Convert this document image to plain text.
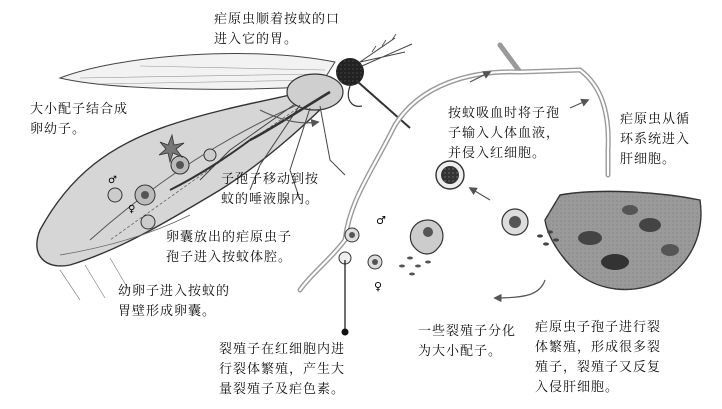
♀
♂
♂
♀
疟原虫顺着按蚊的口
进入它的胃。
大小配子结合成
卵幼子。
子孢子移动到按
蚊的唾液腺内。
按蚊吸血时将子孢
子输入人体血液，
并侵入红细胞。
疟原虫从循
环系统进入
肝细胞。
卵囊放出的疟原虫子
孢子进入按蚊体腔。
幼卵子进入按蚊的
胃壁形成卵囊。
裂殖子在红细胞内进
行裂体繁殖，产生大
量裂殖子及疟色素。
一些裂殖子分化
为大小配子。
疟原虫子孢子进行裂
体繁殖，形成很多裂
殖子，裂殖子又反复
入侵肝细胞。
